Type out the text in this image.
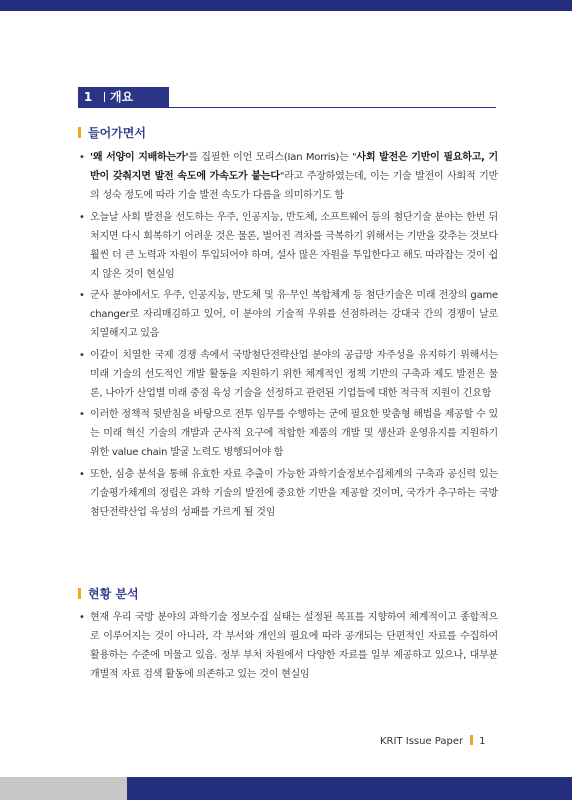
1	개요
들어가면서
• '왜 서양이 지배하는가'를 집필한 이언 모리스(Ian Morris)는 "사회 발전은 기반이 필요하고, 기반이 갖춰지면 발전 속도에 가속도가 붙는다"라고 주장하였는데, 이는 기술 발전이 사회적 기반의 성숙 정도에 따라 기술 발전 속도가 다름을 의미하기도 함
• 오늘날 사회 발전을 선도하는 우주, 인공지능, 반도체, 소프트웨어 등의 첨단기술 분야는 한번 뒤처지면 다시 회복하기 어려운 것은 물론, 벌어진 격차를 극복하기 위해서는 기반을 갖추는 것보다 훨씬 더 큰 노력과 자원이 투입되어야 하며, 설사 많은 자원을 투입한다고 해도 따라잡는 것이 쉽지 않은 것이 현실임
• 군사 분야에서도 우주, 인공지능, 반도체 및 유·무인 복합체계 등 첨단기술은 미래 전장의 game changer로 자리매김하고 있어, 이 분야의 기술적 우위를 선점하려는 강대국 간의 경쟁이 날로 치열해지고 있음
• 이같이 치열한 국제 경쟁 속에서 국방첨단전략산업 분야의 공급망 자주성을 유지하기 위해서는 미래 기술의 선도적인 개발 활동을 지원하기 위한 체계적인 정책 기반의 구축과 제도 발전은 물론, 나아가 산업별 미래 중점 육성 기술을 선정하고 관련된 기업들에 대한 적극적 지원이 긴요함
• 이러한 정책적 뒷받침을 바탕으로 전투 임무를 수행하는 군에 필요한 맞춤형 해법을 제공할 수 있는 미래 혁신 기술의 개발과 군사적 요구에 적합한 제품의 개발 및 생산과 운영유지를 지원하기 위한 value chain 발굴 노력도 병행되어야 함
• 또한, 심층 분석을 통해 유효한 자료 추출이 가능한 과학기술정보수집체계의 구축과 공신력 있는 기술평가체계의 정립은 과학 기술의 발전에 중요한 기반을 제공할 것이며, 국가가 추구하는 국방첨단전략산업 육성의 성패를 가르게 될 것임
현황 분석
• 현재 우리 국방 분야의 과학기술 정보수집 실태는 설정된 목표를 지향하여 체계적이고 종합적으로 이루어지는 것이 아니라, 각 부서와 개인의 필요에 따라 공개되는 단편적인 자료를 수집하여 활용하는 수준에 머물고 있음. 정부 부처 차원에서 다양한 자료를 일부 제공하고 있으나, 대부분 개별적 자료 검색 활동에 의존하고 있는 것이 현실임
KRIT Issue Paper 1
